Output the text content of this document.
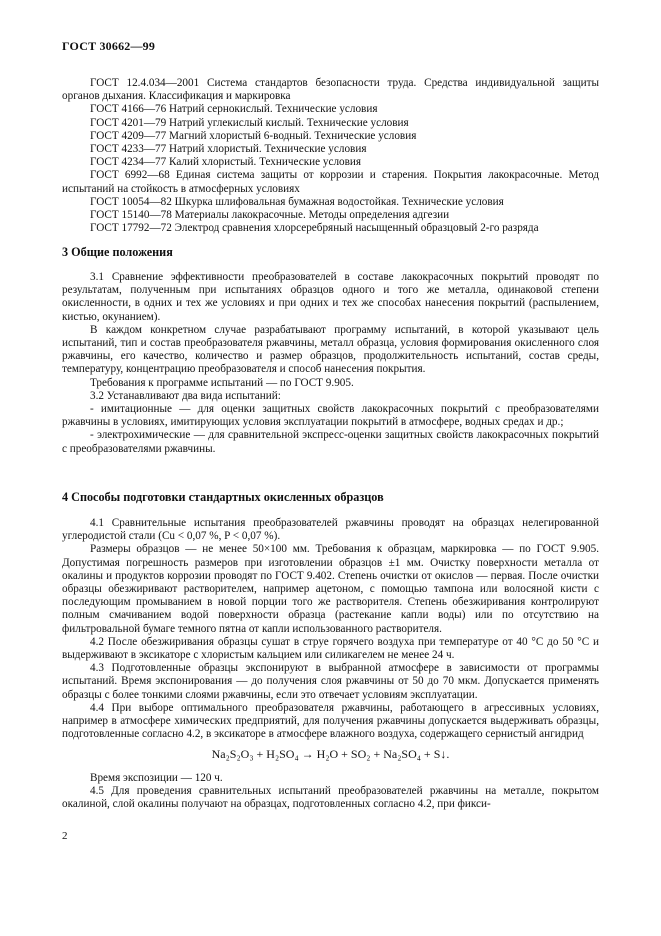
ГОСТ 30662—99
ГОСТ 12.4.034—2001 Система стандартов безопасности труда. Средства индивидуальной защиты органов дыхания. Классификация и маркировка
ГОСТ 4166—76 Натрий сернокислый. Технические условия
ГОСТ 4201—79 Натрий углекислый кислый. Технические условия
ГОСТ 4209—77 Магний хлористый 6-водный. Технические условия
ГОСТ 4233—77 Натрий хлористый. Технические условия
ГОСТ 4234—77 Калий хлористый. Технические условия
ГОСТ 6992—68 Единая система защиты от коррозии и старения. Покрытия лакокрасочные. Метод испытаний на стойкость в атмосферных условиях
ГОСТ 10054—82 Шкурка шлифовальная бумажная водостойкая. Технические условия
ГОСТ 15140—78 Материалы лакокрасочные. Методы определения адгезии
ГОСТ 17792—72 Электрод сравнения хлорсеребряный насыщенный образцовый 2-го разряда
3 Общие положения

3.1 Сравнение эффективности преобразователей в составе лакокрасочных покрытий проводят по результатам, полученным при испытаниях образцов одного и того же металла, одинаковой степени окисленности, в одних и тех же условиях и при одних и тех же способах нанесения покрытий (распылением, кистью, окунанием).

В каждом конкретном случае разрабатывают программу испытаний, в которой указывают цель испытаний, тип и состав преобразователя ржавчины, металл образца, условия формирования окисленного слоя ржавчины, его качество, количество и размер образцов, продолжительность испытаний, состав среды, температуру, концентрацию преобразователя и способ нанесения покрытия.

Требования к программе испытаний — по ГОСТ 9.905.

3.2 Устанавливают два вида испытаний:

- имитационные — для оценки защитных свойств лакокрасочных покрытий с преобразователями ржавчины в условиях, имитирующих условия эксплуатации покрытий в атмосфере, водных средах и др.;

- электрохимические — для сравнительной экспресс-оценки защитных свойств лакокрасочных покрытий с преобразователями ржавчины.

4 Способы подготовки стандартных окисленных образцов

4.1 Сравнительные испытания преобразователей ржавчины проводят на образцах нелегированной углеродистой стали (Cu < 0,07 %, P < 0,07 %).

Размеры образцов — не менее 50×100 мм. Требования к образцам, маркировка — по ГОСТ 9.905. Допустимая погрешность размеров при изготовлении образцов ±1 мм. Очистку поверхности металла от окалины и продуктов коррозии проводят по ГОСТ 9.402. Степень очистки от окислов — первая. После очистки образцы обезжиривают растворителем, например ацетоном, с помощью тампона или волосяной кисти с последующим промыванием в новой порции того же растворителя. Степень обезжиривания контролируют полным смачиванием водой поверхности образца (растекание капли воды) или по отсутствию на фильтровальной бумаге темного пятна от капли использованного растворителя.

4.2 После обезжиривания образцы сушат в струе горячего воздуха при температуре от 40 °C до 50 °C и выдерживают в эксикаторе с хлористым кальцием или силикагелем не менее 24 ч.

4.3 Подготовленные образцы экспонируют в выбранной атмосфере в зависимости от программы испытаний. Время экспонирования — до получения слоя ржавчины от 50 до 70 мкм. Допускается применять образцы с более тонкими слоями ржавчины, если это отвечает условиям эксплуатации.

4.4 При выборе оптимального преобразователя ржавчины, работающего в агрессивных условиях, например в атмосфере химических предприятий, для получения ржавчины допускается выдерживать образцы, подготовленные согласно 4.2, в эксикаторе в атмосфере влажного воздуха, содержащего сернистый ангидрид

Na₂S₂O₃ + H₂SO₄ → H₂O + SO₂ + Na₂SO₄ + S↓.

Время экспозиции — 120 ч.

4.5 Для проведения сравнительных испытаний преобразователей ржавчины на металле, покрытом окалиной, слой окалины получают на образцах, подготовленных согласно 4.2, при фикси-

2
